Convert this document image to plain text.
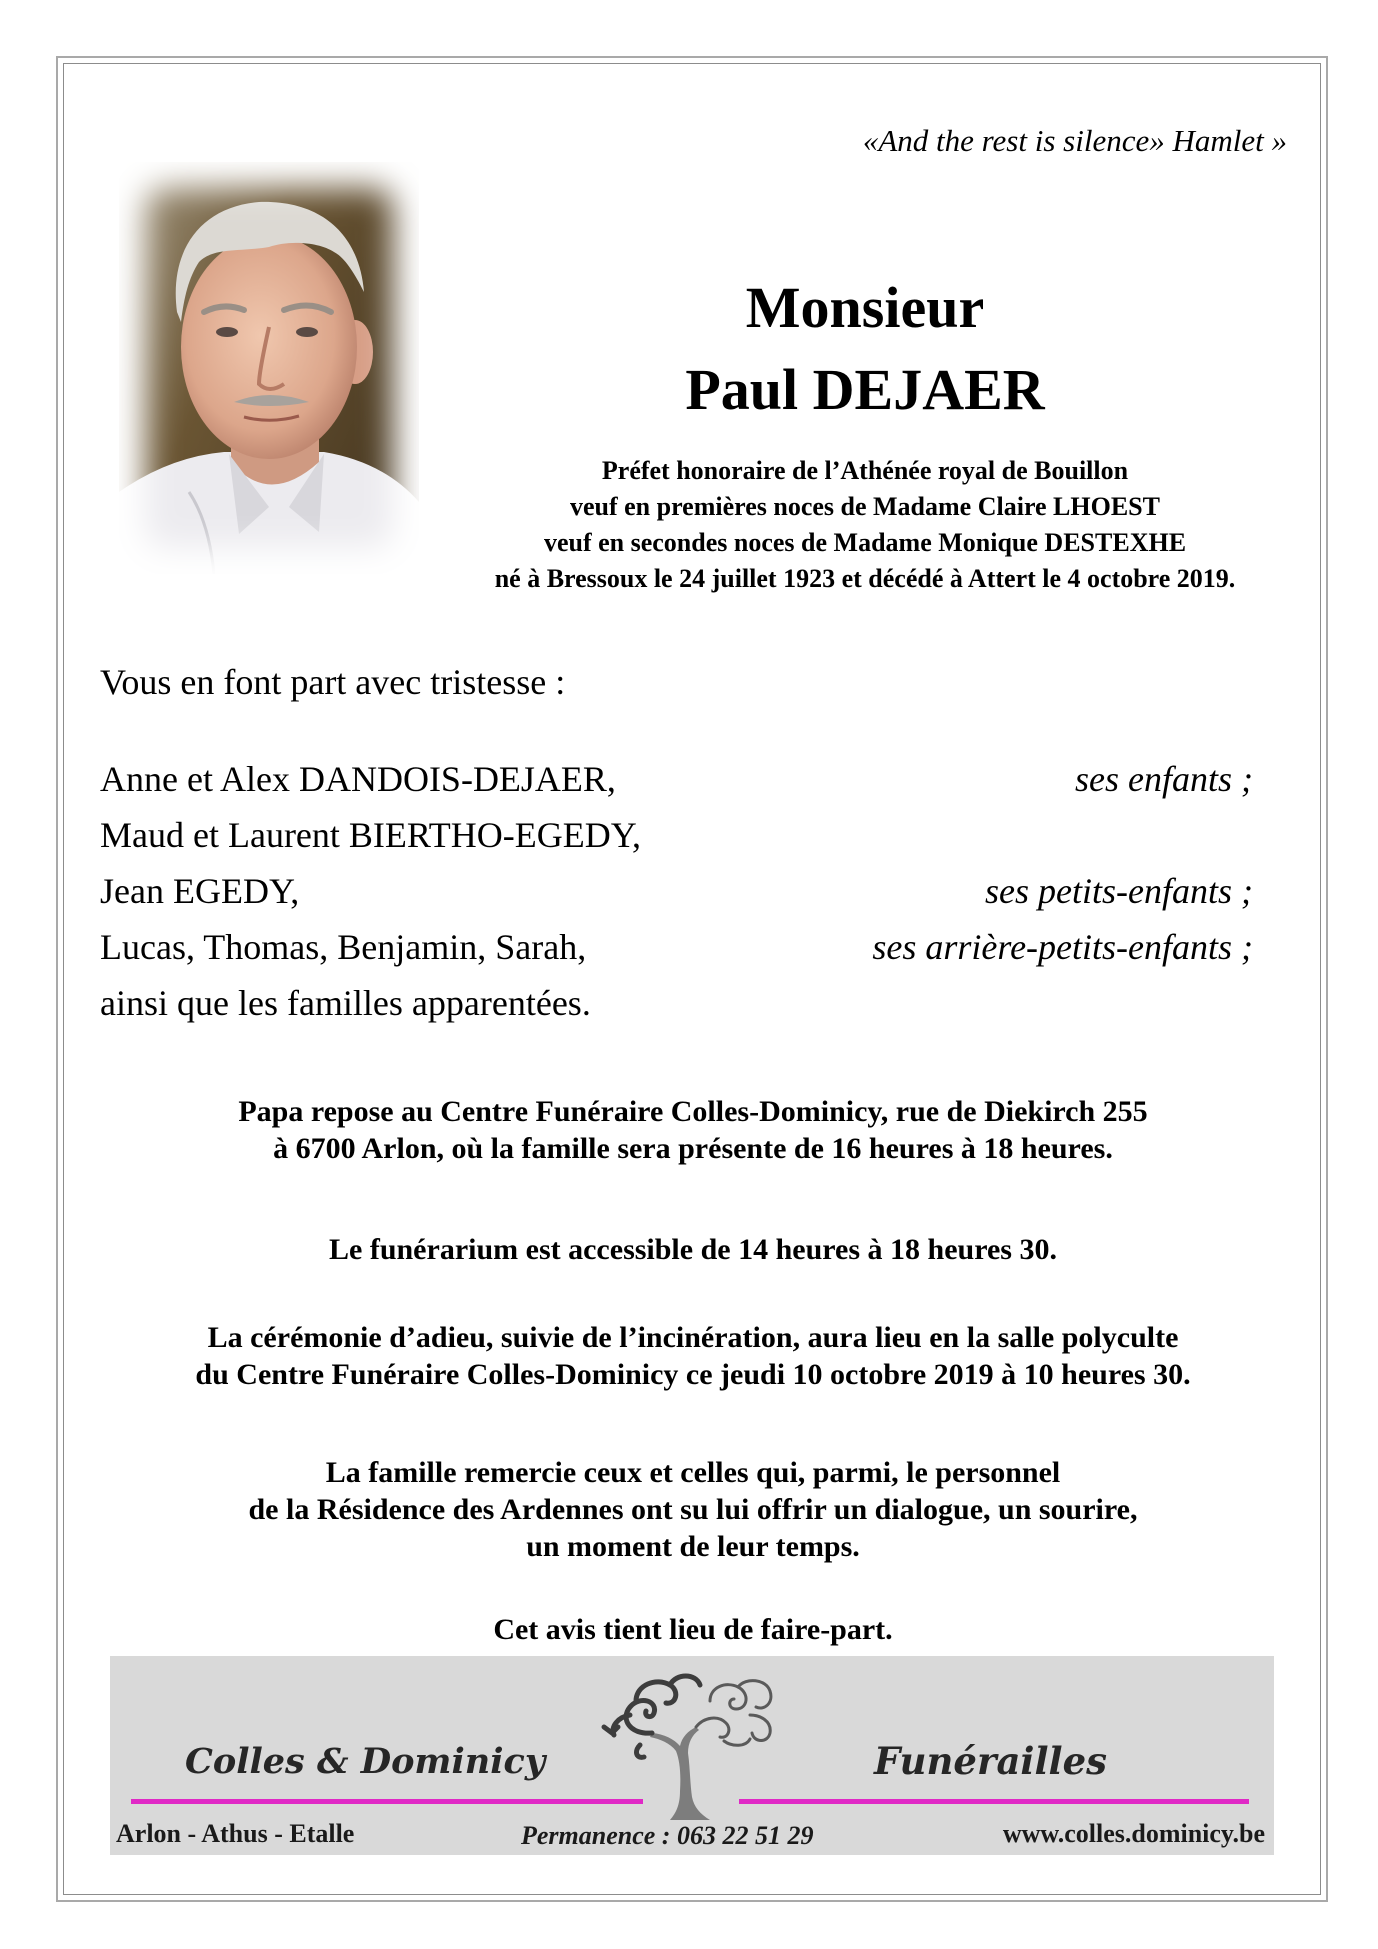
«And the rest is silence» Hamlet »
Monsieur
Paul DEJAER
Préfet honoraire de l’Athénée royal de Bouillon
veuf en premières noces de Madame Claire LHOEST
veuf en secondes noces de Madame Monique DESTEXHE
né à Bressoux le 24 juillet 1923 et décédé à Attert le 4 octobre 2019.
Vous en font part avec tristesse :
Anne et Alex DANDOIS-DEJAER,	ses enfants ;
Maud et Laurent BIERTHO-EGEDY,
Jean EGEDY,	ses petits-enfants ;
Lucas, Thomas, Benjamin, Sarah,	ses arrière-petits-enfants ;
ainsi que les familles apparentées.
Papa repose au Centre Funéraire Colles-Dominicy, rue de Diekirch 255
à 6700 Arlon, où la famille sera présente de 16 heures à 18 heures.
Le funérarium est accessible de 14 heures à 18 heures 30.
La cérémonie d’adieu, suivie de l’incinération, aura lieu en la salle polyculte
du Centre Funéraire Colles-Dominicy ce jeudi 10 octobre 2019 à 10 heures 30.
La famille remercie ceux et celles qui, parmi, le personnel
de la Résidence des Ardennes ont su lui offrir un dialogue, un sourire,
un moment de leur temps.
Cet avis tient lieu de faire-part.
Colles & Dominicy	Funérailles
Arlon - Athus - Etalle	Permanence : 063 22 51 29	www.colles.dominicy.be
